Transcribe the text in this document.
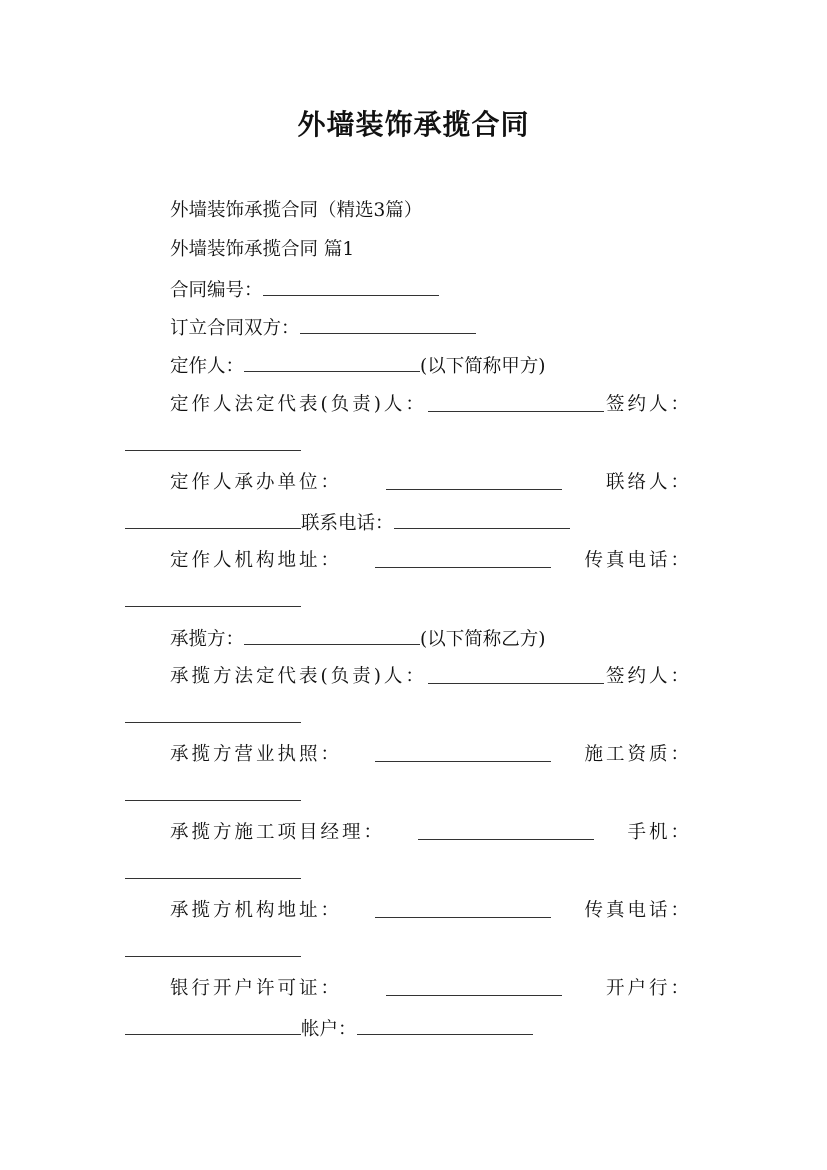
外墙装饰承揽合同
外墙装饰承揽合同（精选3篇）
外墙装饰承揽合同 篇1
合同编号：
订立合同双方：
定作人：	(以下简称甲方)
定作人法定代表(负责)人：	签约人：
定作人承办单位：	联络人：
联系电话：
定作人机构地址：	传真电话：
承揽方：	(以下简称乙方)
承揽方法定代表(负责)人：	签约人：
承揽方营业执照：	施工资质：
承揽方施工项目经理：	手机：
承揽方机构地址：	传真电话：
银行开户许可证：	开户行：
帐户：
